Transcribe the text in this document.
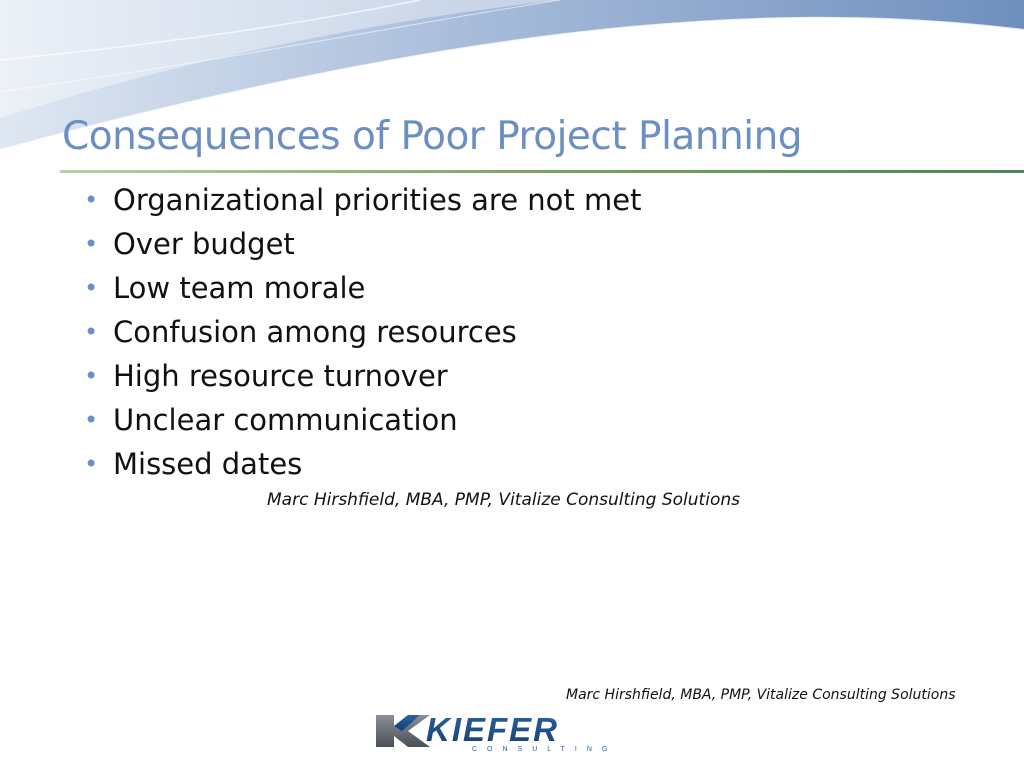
Consequences of Poor Project Planning
• Organizational priorities are not met
• Over budget
• Low team morale
• Confusion among resources
• High resource turnover
• Unclear communication
• Missed dates
Marc Hirshfield, MBA, PMP, Vitalize Consulting Solutions
Marc Hirshfield, MBA, PMP, Vitalize Consulting Solutions
KIEFER
CONSULTING
